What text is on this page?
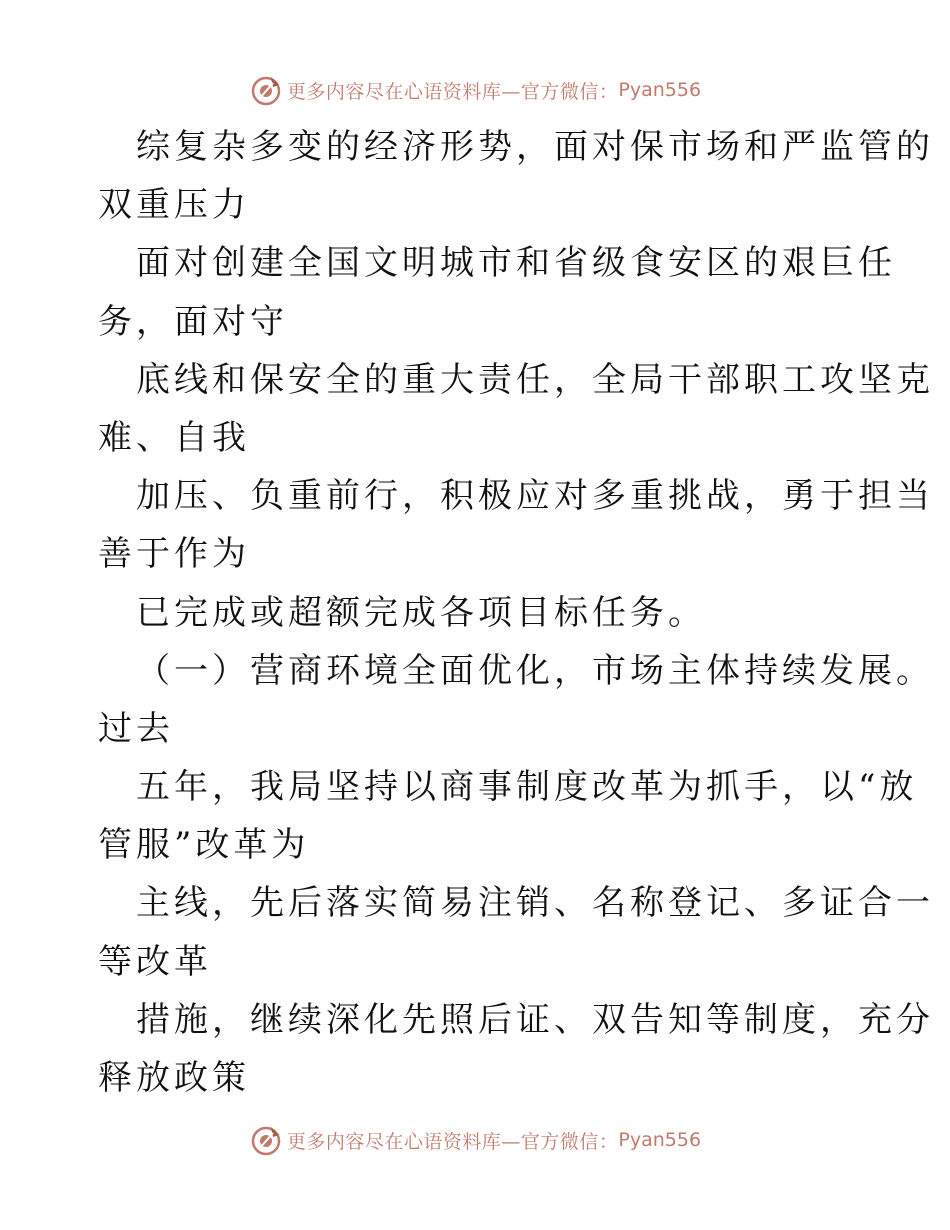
更多内容尽在心语资料库—官方微信： Pyan556
综复杂多变的经济形势，面对保市场和严监管的
双重压力
面对创建全国文明城市和省级食安区的艰巨任
务，面对守
底线和保安全的重大责任，全局干部职工攻坚克
难、自我
加压、负重前行，积极应对多重挑战，勇于担当
善于作为
已完成或超额完成各项目标任务。
（一）营商环境全面优化，市场主体持续发展。
过去
五年，我局坚持以商事制度改革为抓手，以“放
管服”改革为
主线，先后落实简易注销、名称登记、多证合一
等改革
措施，继续深化先照后证、双告知等制度，充分
释放政策
更多内容尽在心语资料库—官方微信： Pyan556
